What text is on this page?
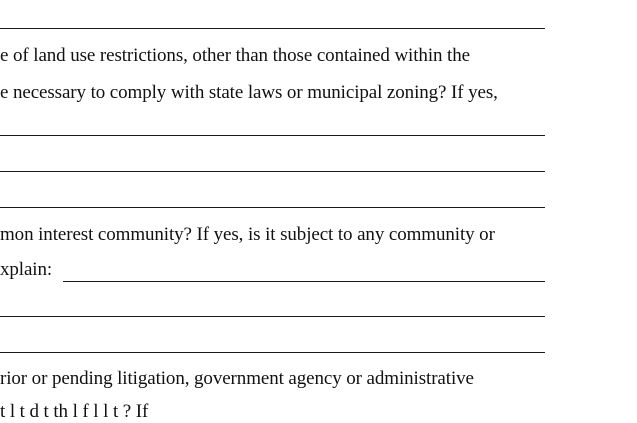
e of land use restrictions, other than those contained within the
e necessary to comply with state laws or municipal zoning? If yes,
mon interest community? If yes, is it subject to any community or
xplain:
rior or pending litigation, government agency or administrative
t l t d t th l f l l t ? If
